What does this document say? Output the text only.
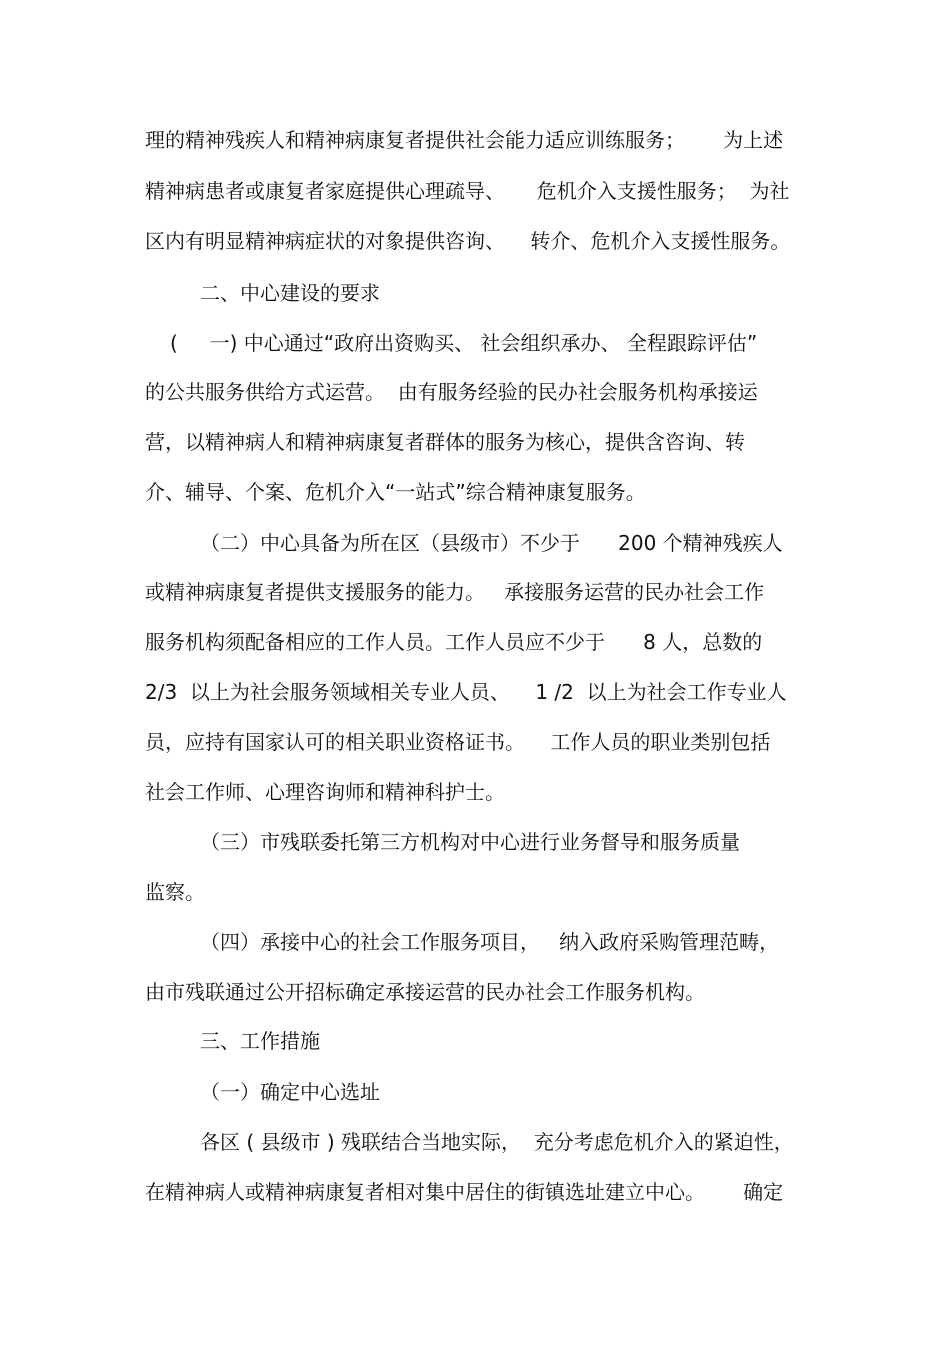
理的精神残疾人和精神病康复者提供社会能力适应训练服务；      为上述
精神病患者或康复者家庭提供心理疏导、     危机介入支援性服务；  为社
区内有明显精神病症状的对象提供咨询、    转介、危机介入支援性服务。
二、中心建设的要求
(     一) 中心通过“政府出资购买、 社会组织承办、 全程跟踪评估”
的公共服务供给方式运营。  由有服务经验的民办社会服务机构承接运
营，以精神病人和精神病康复者群体的服务为核心，提供含咨询、转
介、辅导、个案、危机介入“一站式”综合精神康复服务。
（二）中心具备为所在区（县级市）不少于      200 个精神残疾人
或精神病康复者提供支援服务的能力。   承接服务运营的民办社会工作
服务机构须配备相应的工作人员。工作人员应不少于      8 人，总数的
2/3  以上为社会服务领域相关专业人员、    1 /2  以上为社会工作专业人
员，应持有国家认可的相关职业资格证书。    工作人员的职业类别包括
社会工作师、心理咨询师和精神科护士。
（三）市残联委托第三方机构对中心进行业务督导和服务质量
监察。
（四）承接中心的社会工作服务项目，   纳入政府采购管理范畴，
由市残联通过公开招标确定承接运营的民办社会工作服务机构。
三、工作措施
（一）确定中心选址
各区 ( 县级市 ) 残联结合当地实际，  充分考虑危机介入的紧迫性，
在精神病人或精神病康复者相对集中居住的街镇选址建立中心。      确定
